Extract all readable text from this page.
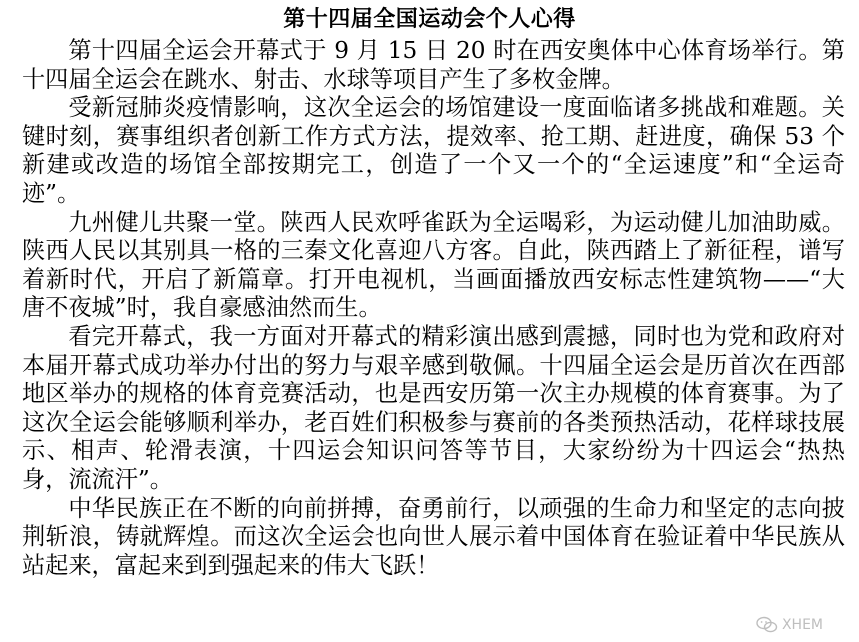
第十四届全国运动会个人心得

第十四届全运会开幕式于 9 月 15 日 20 时在西安奥体中心体育场举行。第十四届全运会在跳水、射击、水球等项目产生了多枚金牌。

受新冠肺炎疫情影响，这次全运会的场馆建设一度面临诸多挑战和难题。关键时刻，赛事组织者创新工作方式方法，提效率、抢工期、赶进度，确保 53 个新建或改造的场馆全部按期完工，创造了一个又一个的“全运速度”和“全运奇迹”。

九州健儿共聚一堂。陕西人民欢呼雀跃为全运喝彩，为运动健儿加油助威。陕西人民以其别具一格的三秦文化喜迎八方客。自此，陕西踏上了新征程，谱写着新时代，开启了新篇章。打开电视机，当画面播放西安标志性建筑物——“大唐不夜城”时，我自豪感油然而生。

看完开幕式，我一方面对开幕式的精彩演出感到震撼，同时也为党和政府对本届开幕式成功举办付出的努力与艰辛感到敬佩。十四届全运会是历首次在西部地区举办的规格的体育竞赛活动，也是西安历第一次主办规模的体育赛事。为了这次全运会能够顺利举办，老百姓们积极参与赛前的各类预热活动，花样球技展示、相声、轮滑表演，十四运会知识问答等节目，大家纷纷为十四运会“热热身，流流汗”。

中华民族正在不断的向前拼搏，奋勇前行，以顽强的生命力和坚定的志向披荆斩浪，铸就辉煌。而这次全运会也向世人展示着中国体育在验证着中华民族从站起来，富起来到到强起来的伟大飞跃！

XHEM
